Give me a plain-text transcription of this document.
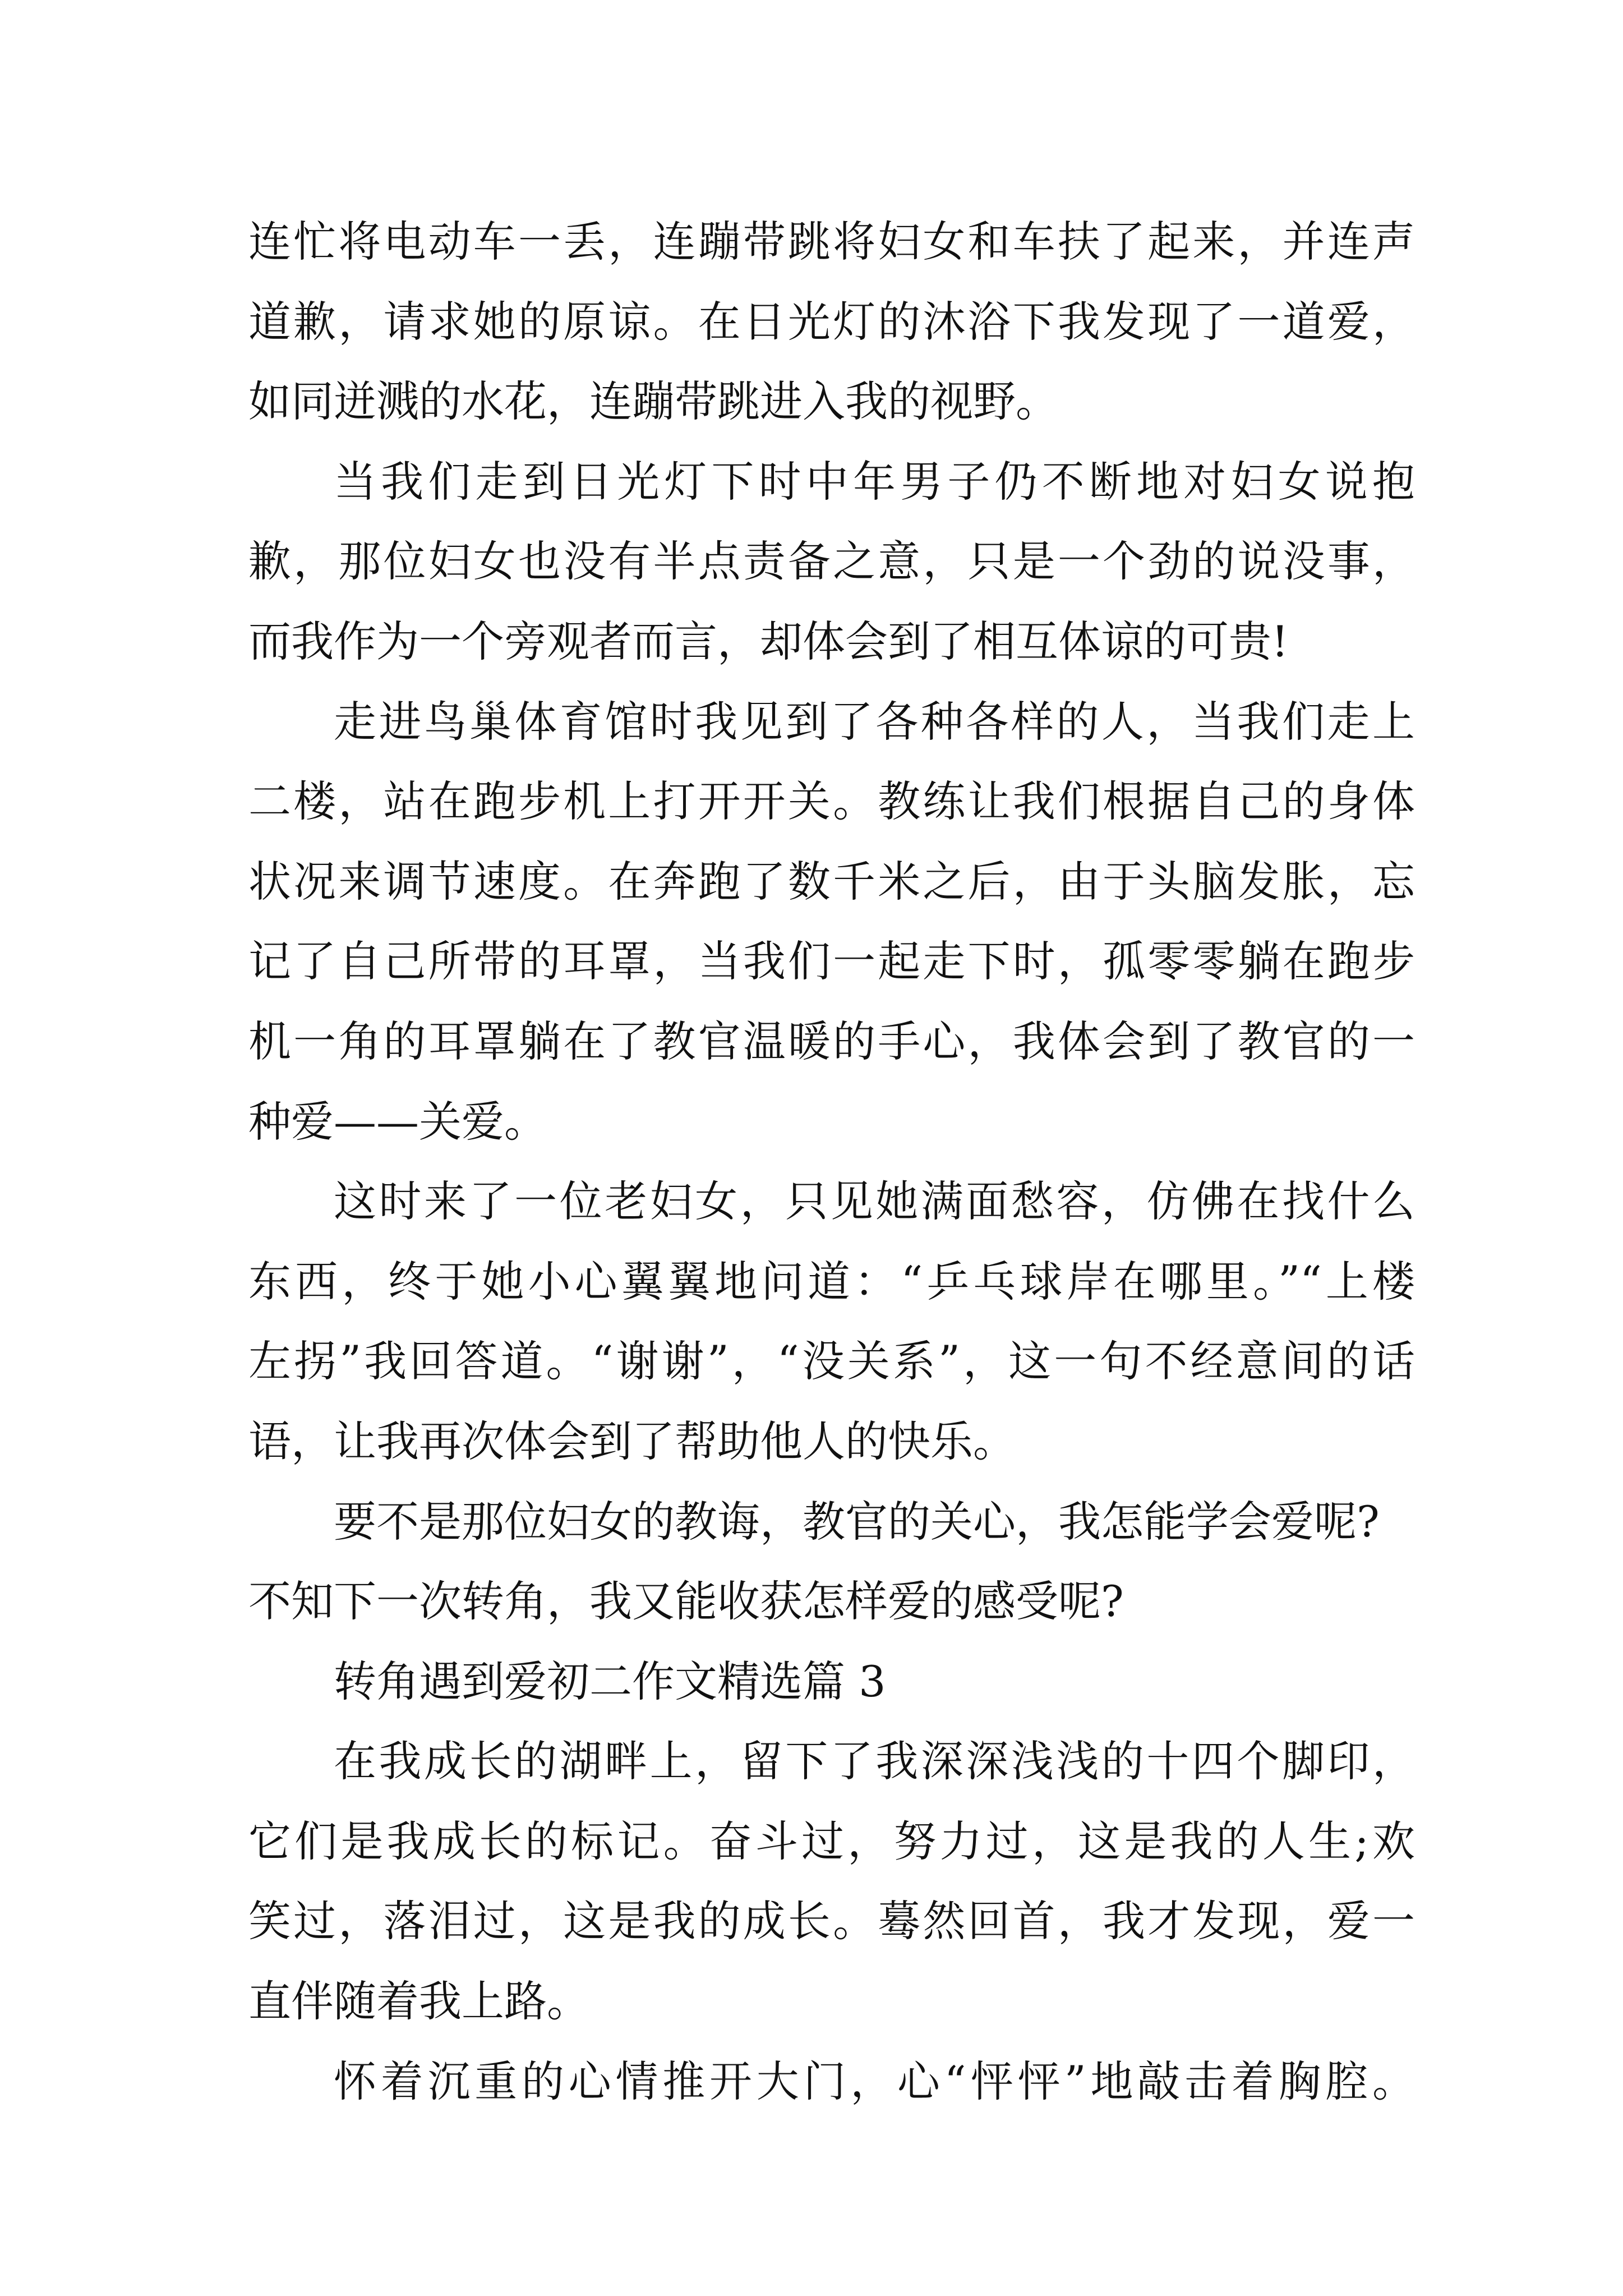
连忙将电动车一丢，连蹦带跳将妇女和车扶了起来，并连声
道歉，请求她的原谅。在日光灯的沐浴下我发现了一道爱，
如同迸溅的水花，连蹦带跳进入我的视野。
当我们走到日光灯下时中年男子仍不断地对妇女说抱
歉，那位妇女也没有半点责备之意，只是一个劲的说没事，
而我作为一个旁观者而言，却体会到了相互体谅的可贵!
走进鸟巢体育馆时我见到了各种各样的人，当我们走上
二楼，站在跑步机上打开开关。教练让我们根据自己的身体
状况来调节速度。在奔跑了数千米之后，由于头脑发胀，忘
记了自己所带的耳罩，当我们一起走下时，孤零零躺在跑步
机一角的耳罩躺在了教官温暖的手心，我体会到了教官的一
种爱——关爱。
这时来了一位老妇女，只见她满面愁容，仿佛在找什么
东西，终于她小心翼翼地问道：“乒乓球岸在哪里。”“上楼
左拐”我回答道。“谢谢”，“没关系”，这一句不经意间的话
语，让我再次体会到了帮助他人的快乐。
要不是那位妇女的教诲，教官的关心，我怎能学会爱呢?
不知下一次转角，我又能收获怎样爱的感受呢?
转角遇到爱初二作文精选篇 3
在我成长的湖畔上，留下了我深深浅浅的十四个脚印，
它们是我成长的标记。奋斗过，努力过，这是我的人生;欢
笑过，落泪过，这是我的成长。蓦然回首，我才发现，爱一
直伴随着我上路。
怀着沉重的心情推开大门，心“怦怦”地敲击着胸腔。
